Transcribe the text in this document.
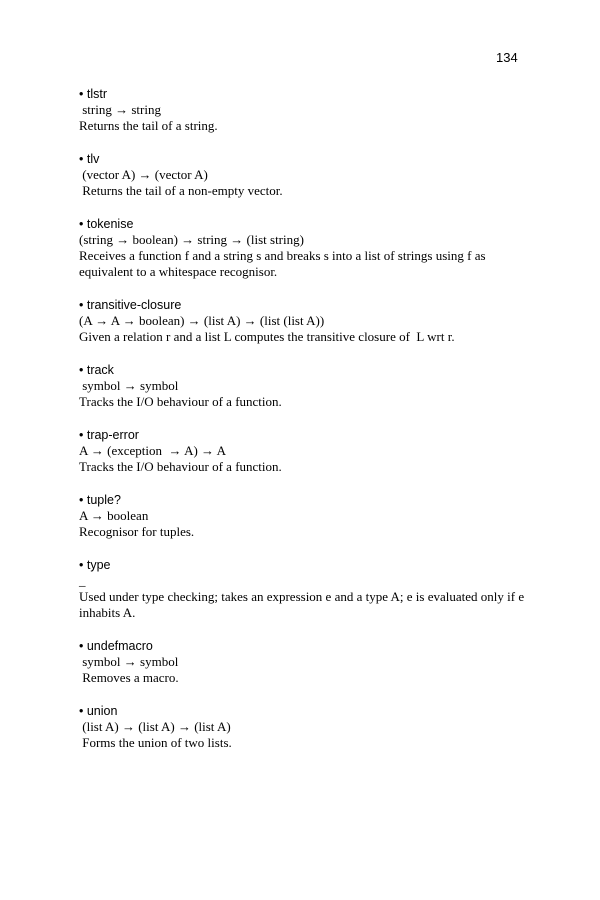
134
• tlstr
string → string
Returns the tail of a string.
• tlv
(vector A) → (vector A)
Returns the tail of a non-empty vector.
• tokenise
(string → boolean) → string → (list string)
Receives a function f and a string s and breaks s into a list of strings using f as equivalent to a whitespace recognisor.
• transitive-closure
(A → A → boolean) → (list A) → (list (list A))
Given a relation r and a list L computes the transitive closure of  L wrt r.
• track
symbol → symbol
Tracks the I/O behaviour of a function.
• trap-error
A → (exception  → A) → A
Tracks the I/O behaviour of a function.
• tuple?
A → boolean
Recognisor for tuples.
• type
_
Used under type checking; takes an expression e and a type A; e is evaluated only if e inhabits A.
• undefmacro
symbol → symbol
Removes a macro.
• union
(list A) → (list A) → (list A)
Forms the union of two lists.
